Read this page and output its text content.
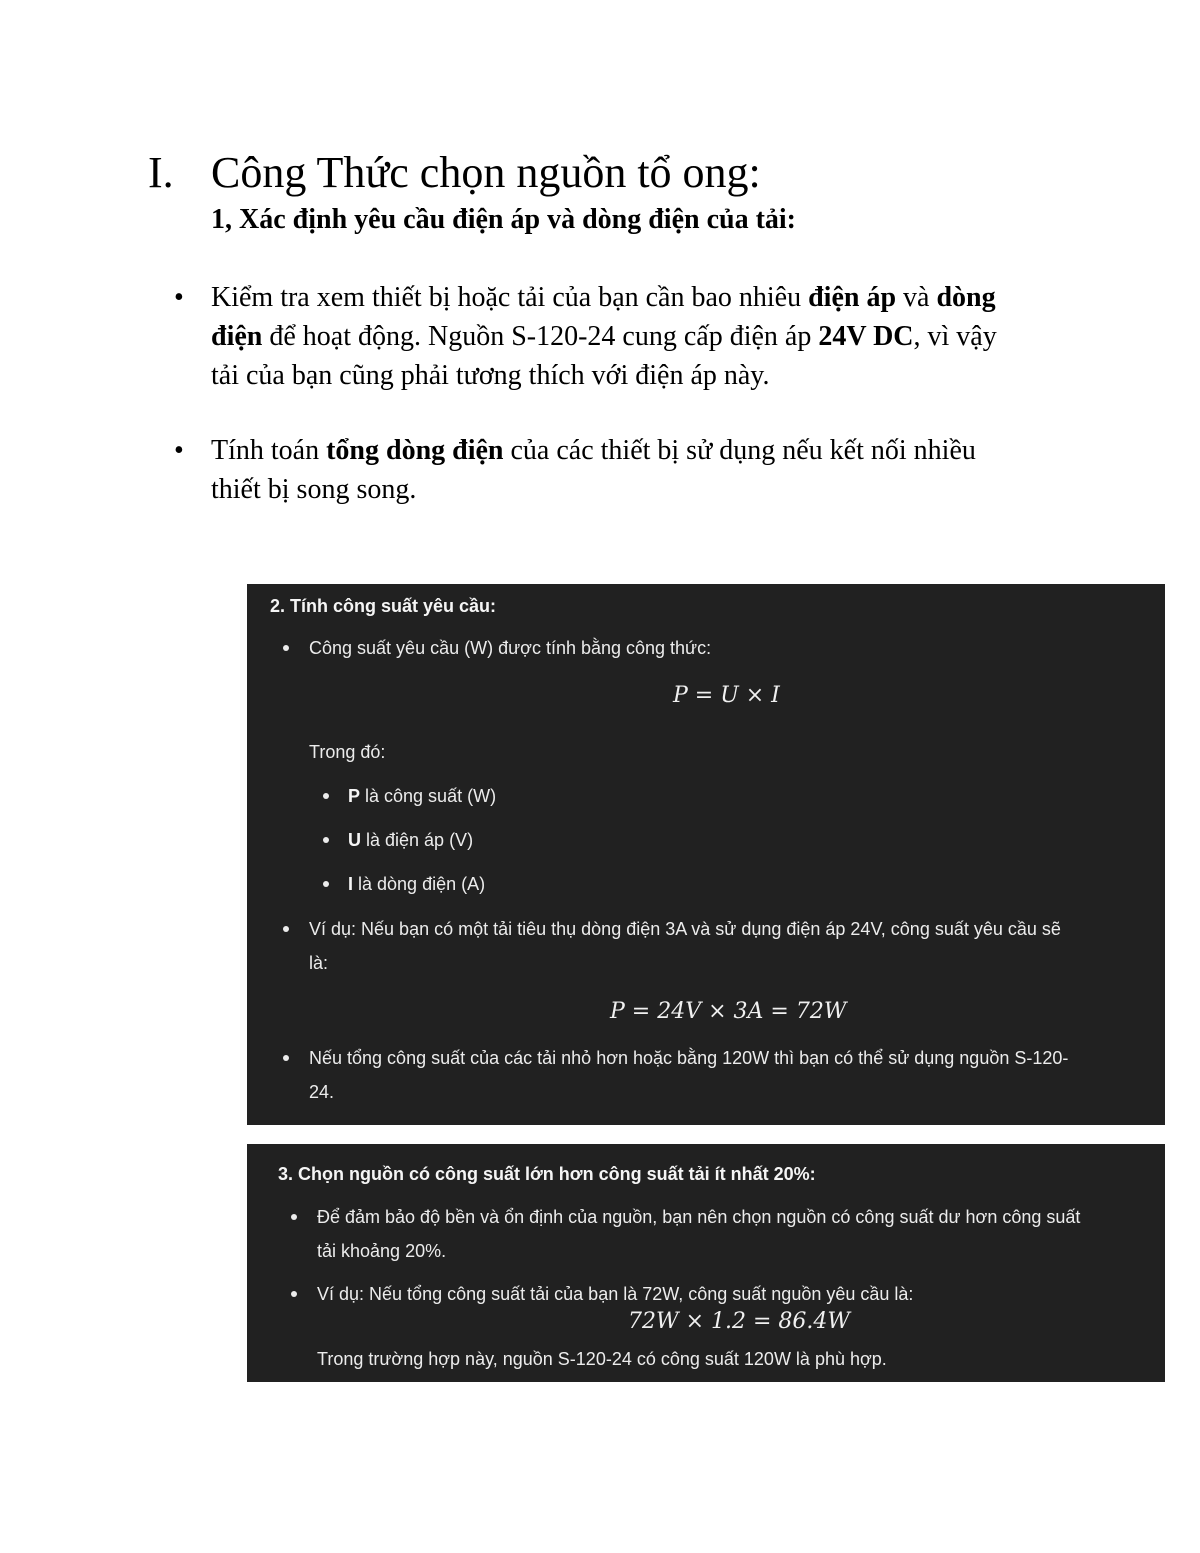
I. Công Thức chọn nguồn tổ ong:
1, Xác định yêu cầu điện áp và dòng điện của tải:
• Kiểm tra xem thiết bị hoặc tải của bạn cần bao nhiêu điện áp và dòng điện để hoạt động. Nguồn S-120-24 cung cấp điện áp 24V DC, vì vậy tải của bạn cũng phải tương thích với điện áp này.
• Tính toán tổng dòng điện của các thiết bị sử dụng nếu kết nối nhiều thiết bị song song.
2. Tính công suất yêu cầu:
Công suất yêu cầu (W) được tính bằng công thức:
P = U × I
Trong đó:
P là công suất (W)
U là điện áp (V)
I là dòng điện (A)
Ví dụ: Nếu bạn có một tải tiêu thụ dòng điện 3A và sử dụng điện áp 24V, công suất yêu cầu sẽ
là:
P = 24V × 3A = 72W
Nếu tổng công suất của các tải nhỏ hơn hoặc bằng 120W thì bạn có thể sử dụng nguồn S-120-
24.
3. Chọn nguồn có công suất lớn hơn công suất tải ít nhất 20%:
Để đảm bảo độ bền và ổn định của nguồn, bạn nên chọn nguồn có công suất dư hơn công suất
tải khoảng 20%.
Ví dụ: Nếu tổng công suất tải của bạn là 72W, công suất nguồn yêu cầu là:
72W × 1.2 = 86.4W
Trong trường hợp này, nguồn S-120-24 có công suất 120W là phù hợp.
